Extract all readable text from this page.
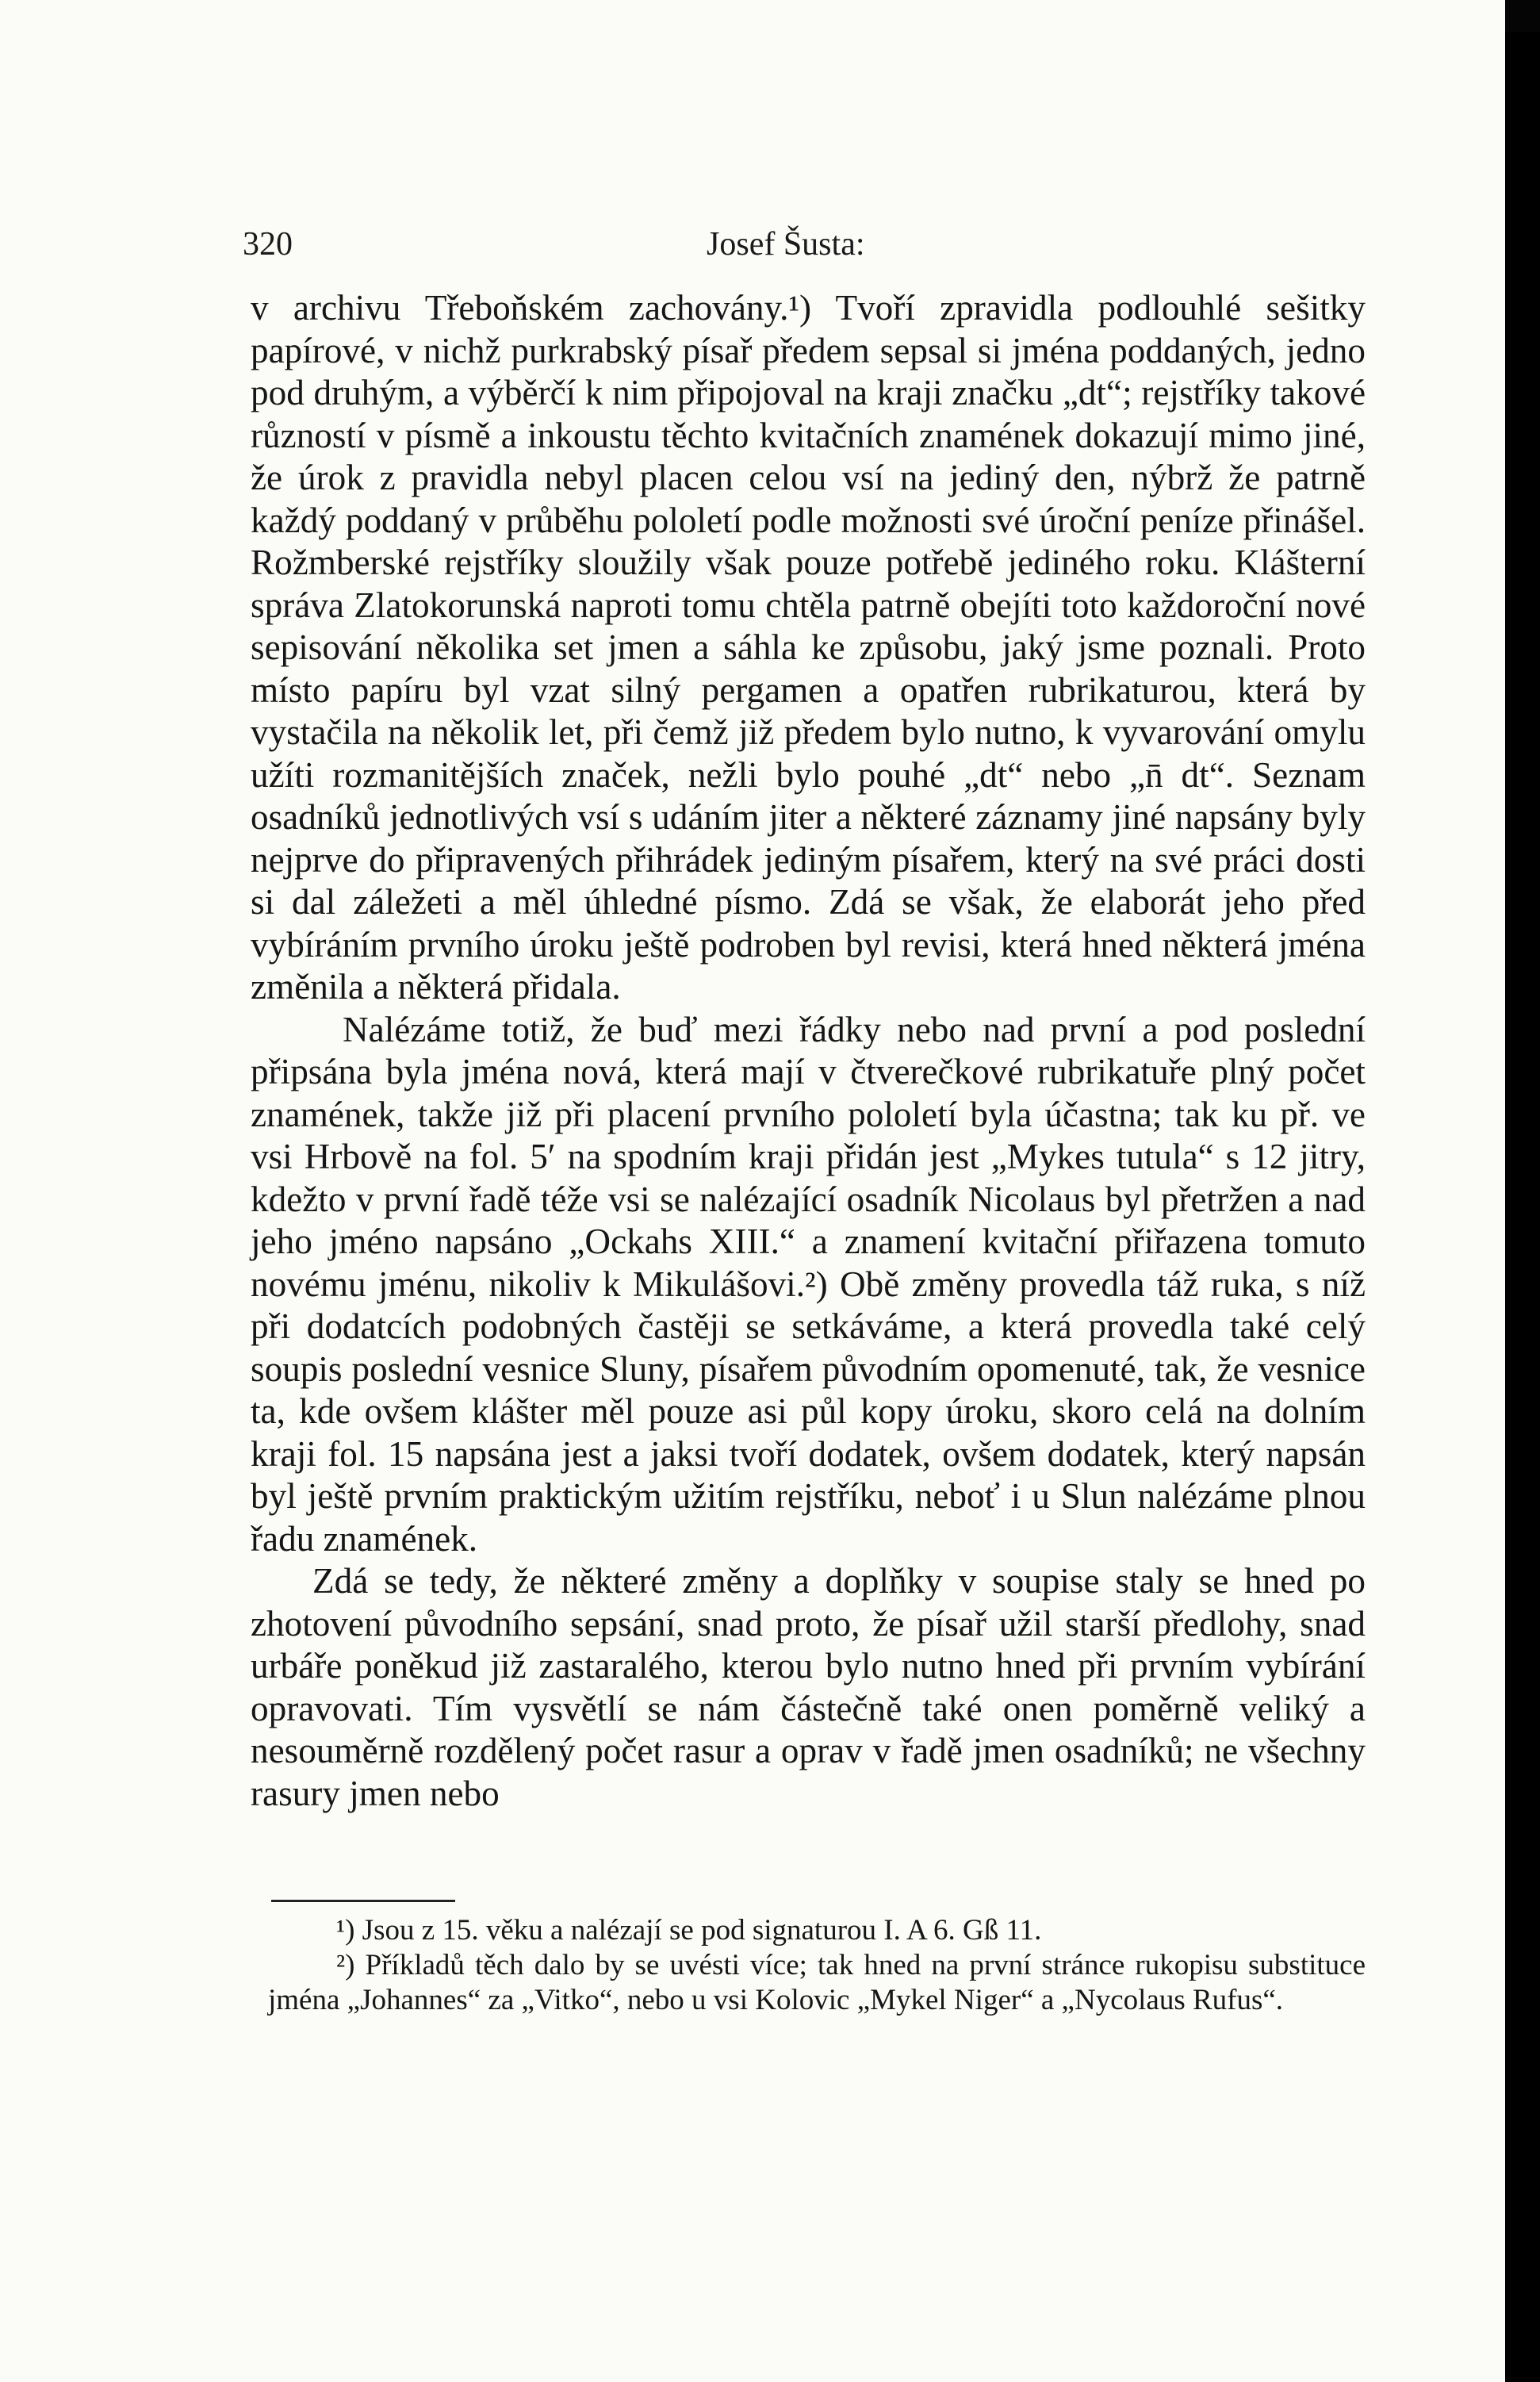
320	Josef Šusta:

v archivu Třeboňském zachovány.¹) Tvoří zpravidla podlouhlé sešitky papírové, v nichž purkrabský písař předem sepsal si jména poddaných, jedno pod druhým, a výběrčí k nim připojoval na kraji značku „dt“; rejstříky takové růzností v písmě a inkoustu těchto kvitačních znamének dokazují mimo jiné, že úrok z pravidla nebyl placen celou vsí na jediný den, nýbrž že patrně každý poddaný v průběhu pololetí podle možnosti své úroční peníze přinášel. Rožmberské rejstříky sloužily však pouze potřebě jediného roku. Klášterní správa Zlatokorunská naproti tomu chtěla patrně obejíti toto každoroční nové sepisování několika set jmen a sáhla ke způsobu, jaký jsme poznali. Proto místo papíru byl vzat silný pergamen a opatřen rubrikaturou, která by vystačila na několik let, při čemž již předem bylo nutno, k vyvarování omylu užíti rozmanitějších značek, nežli bylo pouhé „dt“ nebo „n̄ dt“. Seznam osadníků jednotlivých vsí s udáním jiter a některé záznamy jiné napsány byly nejprve do připravených přihrádek jediným písařem, který na své práci dosti si dal záležeti a měl úhledné písmo. Zdá se však, že elaborát jeho před vybíráním prvního úroku ještě podroben byl revisi, která hned některá jména změnila a některá přidala.

Nalézáme totiž, že buď mezi řádky nebo nad první a pod poslední připsána byla jména nová, která mají v čtverečkové rubrikatuře plný počet znamének, takže již při placení prvního pololetí byla účastna; tak ku př. ve vsi Hrbově na fol. 5′ na spodním kraji přidán jest „Mykes tutula“ s 12 jitry, kdežto v první řadě téže vsi se nalézající osadník Nicolaus byl přetržen a nad jeho jméno napsáno „Ockahs XIII.“ a znamení kvitační přiřazena tomuto novému jménu, nikoliv k Mikulášovi.²) Obě změny provedla táž ruka, s níž při dodatcích podobných častěji se setkáváme, a která provedla také celý soupis poslední vesnice Sluny, písařem původním opomenuté, tak, že vesnice ta, kde ovšem klášter měl pouze asi půl kopy úroku, skoro celá na dolním kraji fol. 15 napsána jest a jaksi tvoří dodatek, ovšem dodatek, který napsán byl ještě prvním praktickým užitím rejstříku, neboť i u Slun nalézáme plnou řadu znamének.

Zdá se tedy, že některé změny a doplňky v soupise staly se hned po zhotovení původního sepsání, snad proto, že písař užil starší předlohy, snad urbáře poněkud již zastaralého, kterou bylo nutno hned při prvním vybírání opravovati. Tím vysvětlí se nám částečně také onen poměrně veliký a nesouměrně rozdělený počet rasur a oprav v řadě jmen osadníků; ne všechny rasury jmen nebo

¹) Jsou z 15. věku a nalézají se pod signaturou I. A 6. Gß 11.

²) Příkladů těch dalo by se uvésti více; tak hned na první stránce rukopisu substituce jména „Johannes“ za „Vitko“, nebo u vsi Kolovic „Mykel Niger“ a „Nycolaus Rufus“.
